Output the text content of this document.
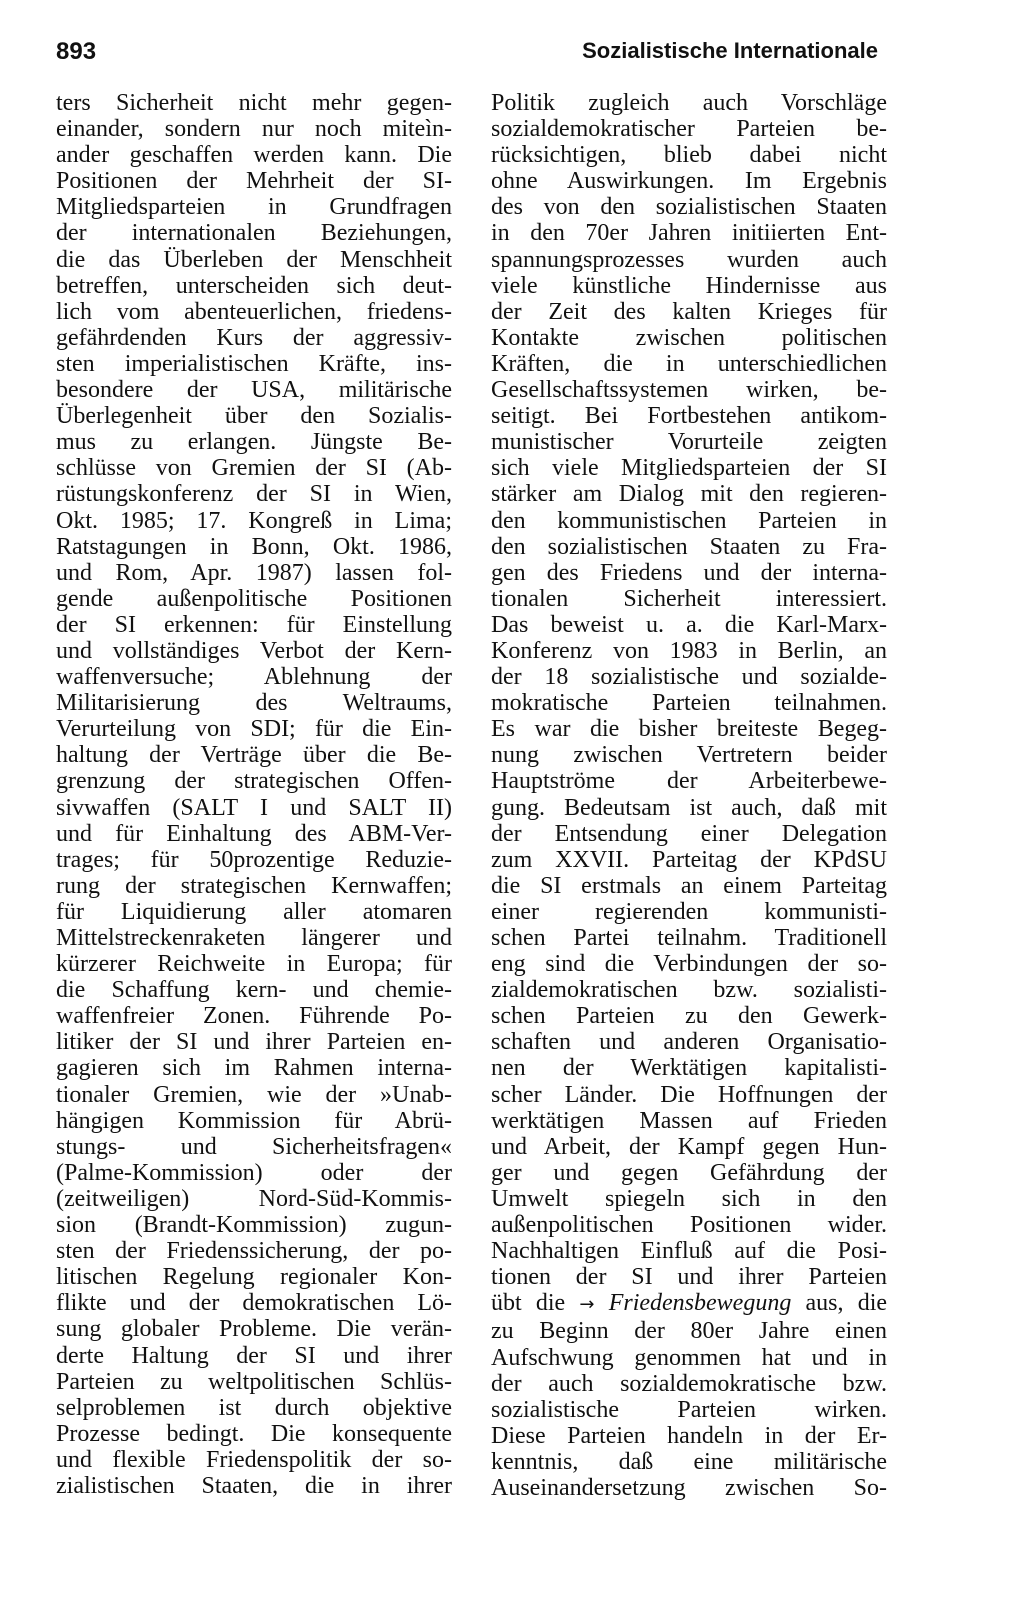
893	Sozialistische Internationale
ters Sicherheit nicht mehr gegen-
einander, sondern nur noch miteìn-
ander geschaffen werden kann. Die
Positionen der Mehrheit der SI-
Mitgliedsparteien in Grundfragen
der internationalen Beziehungen,
die das Überleben der Menschheit
betreffen, unterscheiden sich deut-
lich vom abenteuerlichen, friedens-
gefährdenden Kurs der aggressiv-
sten imperialistischen Kräfte, ins-
besondere der USA, militärische
Überlegenheit über den Sozialis-
mus zu erlangen. Jüngste Be-
schlüsse von Gremien der SI (Ab-
rüstungskonferenz der SI in Wien,
Okt. 1985; 17. Kongreß in Lima;
Ratstagungen in Bonn, Okt. 1986,
und Rom, Apr. 1987) lassen fol-
gende außenpolitische Positionen
der SI erkennen: für Einstellung
und vollständiges Verbot der Kern-
waffenversuche; Ablehnung der
Militarisierung des Weltraums,
Verurteilung von SDI; für die Ein-
haltung der Verträge über die Be-
grenzung der strategischen Offen-
sivwaffen (SALT I und SALT II)
und für Einhaltung des ABM-Ver-
trages; für 50prozentige Reduzie-
rung der strategischen Kernwaffen;
für Liquidierung aller atomaren
Mittelstreckenraketen längerer und
kürzerer Reichweite in Europa; für
die Schaffung kern- und chemie-
waffenfreier Zonen. Führende Po-
litiker der SI und ihrer Parteien en-
gagieren sich im Rahmen interna-
tionaler Gremien, wie der »Unab-
hängigen Kommission für Abrü-
stungs- und Sicherheitsfragen«
(Palme-Kommission) oder der
(zeitweiligen) Nord-Süd-Kommis-
sion (Brandt-Kommission) zugun-
sten der Friedenssicherung, der po-
litischen Regelung regionaler Kon-
flikte und der demokratischen Lö-
sung globaler Probleme. Die verän-
derte Haltung der SI und ihrer
Parteien zu weltpolitischen Schlüs-
selproblemen ist durch objektive
Prozesse bedingt. Die konsequente
und flexible Friedenspolitik der so-
zialistischen Staaten, die in ihrer
Politik zugleich auch Vorschläge
sozialdemokratischer Parteien be-
rücksichtigen, blieb dabei nicht
ohne Auswirkungen. Im Ergebnis
des von den sozialistischen Staaten
in den 70er Jahren initiierten Ent-
spannungsprozesses wurden auch
viele künstliche Hindernisse aus
der Zeit des kalten Krieges für
Kontakte zwischen politischen
Kräften, die in unterschiedlichen
Gesellschaftssystemen wirken, be-
seitigt. Bei Fortbestehen antikom-
munistischer Vorurteile zeigten
sich viele Mitgliedsparteien der SI
stärker am Dialog mit den regieren-
den kommunistischen Parteien in
den sozialistischen Staaten zu Fra-
gen des Friedens und der interna-
tionalen Sicherheit interessiert.
Das beweist u. a. die Karl-Marx-
Konferenz von 1983 in Berlin, an
der 18 sozialistische und sozialde-
mokratische Parteien teilnahmen.
Es war die bisher breiteste Begeg-
nung zwischen Vertretern beider
Hauptströme der Arbeiterbewe-
gung. Bedeutsam ist auch, daß mit
der Entsendung einer Delegation
zum XXVII. Parteitag der KPdSU
die SI erstmals an einem Parteitag
einer regierenden kommunisti-
schen Partei teilnahm. Traditionell
eng sind die Verbindungen der so-
zialdemokratischen bzw. sozialisti-
schen Parteien zu den Gewerk-
schaften und anderen Organisatio-
nen der Werktätigen kapitalisti-
scher Länder. Die Hoffnungen der
werktätigen Massen auf Frieden
und Arbeit, der Kampf gegen Hun-
ger und gegen Gefährdung der
Umwelt spiegeln sich in den
außenpolitischen Positionen wider.
Nachhaltigen Einfluß auf die Posi-
tionen der SI und ihrer Parteien
übt die → Friedensbewegung aus, die
zu Beginn der 80er Jahre einen
Aufschwung genommen hat und in
der auch sozialdemokratische bzw.
sozialistische Parteien wirken.
Diese Parteien handeln in der Er-
kenntnis, daß eine militärische
Auseinandersetzung zwischen So-
